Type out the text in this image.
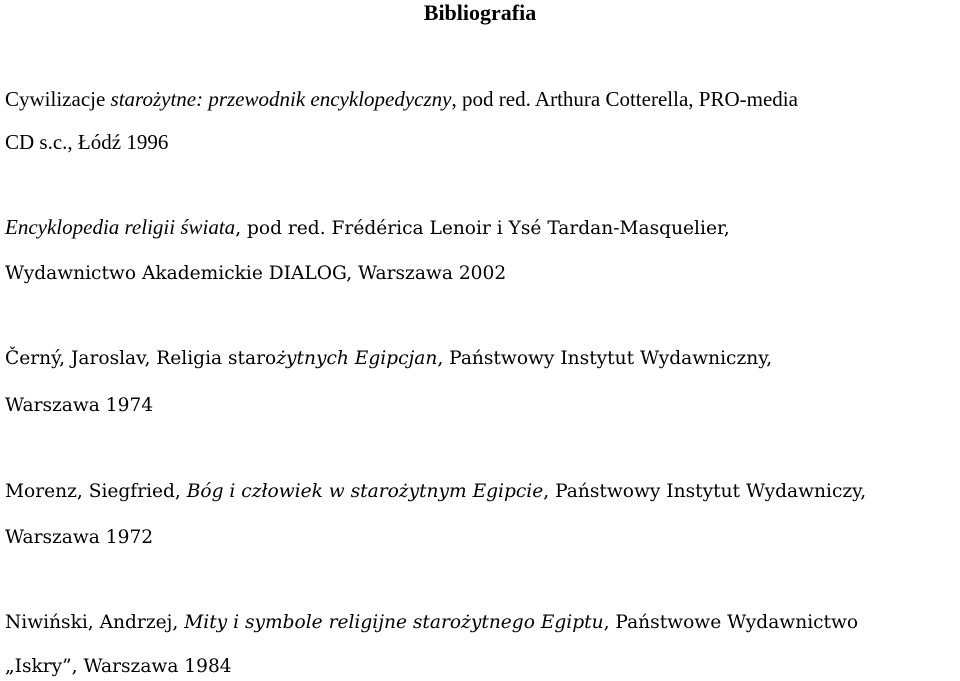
Bibliografia
Cywilizacje starożytne: przewodnik encyklopedyczny, pod red. Arthura Cotterella, PRO-media
CD s.c., Łódź 1996
Encyklopedia religii świata, pod red. Frédérica Lenoir i Ysé Tardan-Masquelier,
Wydawnictwo Akademickie DIALOG, Warszawa 2002
Černý, Jaroslav, Religia starożytnych Egipcjan, Państwowy Instytut Wydawniczny,
Warszawa 1974
Morenz, Siegfried, Bóg i człowiek w starożytnym Egipcie, Państwowy Instytut Wydawniczy,
Warszawa 1972
Niwiński, Andrzej, Mity i symbole religijne starożytnego Egiptu, Państwowe Wydawnictwo
„Iskry”, Warszawa 1984
